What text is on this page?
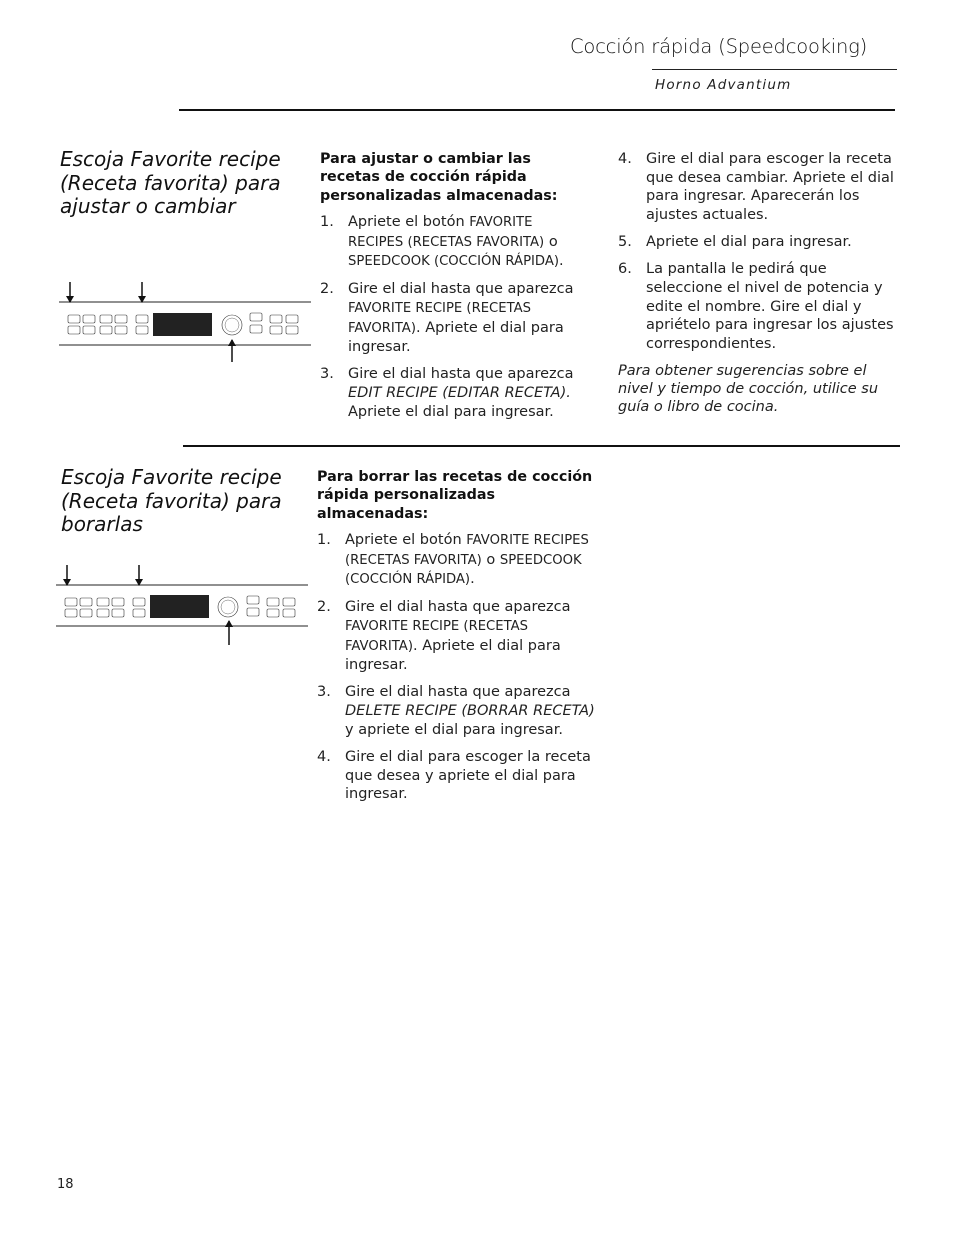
Cocción rápida (Speedcooking)
Horno Advantium
Escoja Favorite recipe (Receta favorita) para ajustar o cambiar

Para ajustar o cambiar las recetas de cocción rápida personalizadas almacenadas:

1. Apriete el botón FAVORITE RECIPES (RECETAS FAVORITA) o SPEEDCOOK (COCCIÓN RÁPIDA).
2. Gire el dial hasta que aparezca FAVORITE RECIPE (RECETAS FAVORITA). Apriete el dial para ingresar.
3. Gire el dial hasta que aparezca EDIT RECIPE (EDITAR RECETA). Apriete el dial para ingresar.
4. Gire el dial para escoger la receta que desea cambiar. Apriete el dial para ingresar. Aparecerán los ajustes actuales.
5. Apriete el dial para ingresar.
6. La pantalla le pedirá que seleccione el nivel de potencia y edite el nombre. Gire el dial y apriételo para ingresar los ajustes correspondientes.

Para obtener sugerencias sobre el nivel y tiempo de cocción, utilice su guía o libro de cocina.

Escoja Favorite recipe (Receta favorita) para borarlas

Para borrar las recetas de cocción rápida personalizadas almacenadas:

1. Apriete el botón FAVORITE RECIPES (RECETAS FAVORITA) o SPEEDCOOK (COCCIÓN RÁPIDA).
2. Gire el dial hasta que aparezca FAVORITE RECIPE (RECETAS FAVORITA). Apriete el dial para ingresar.
3. Gire el dial hasta que aparezca DELETE RECIPE (BORRAR RECETA) y apriete el dial para ingresar.
4. Gire el dial para escoger la receta que desea y apriete el dial para ingresar.
18
